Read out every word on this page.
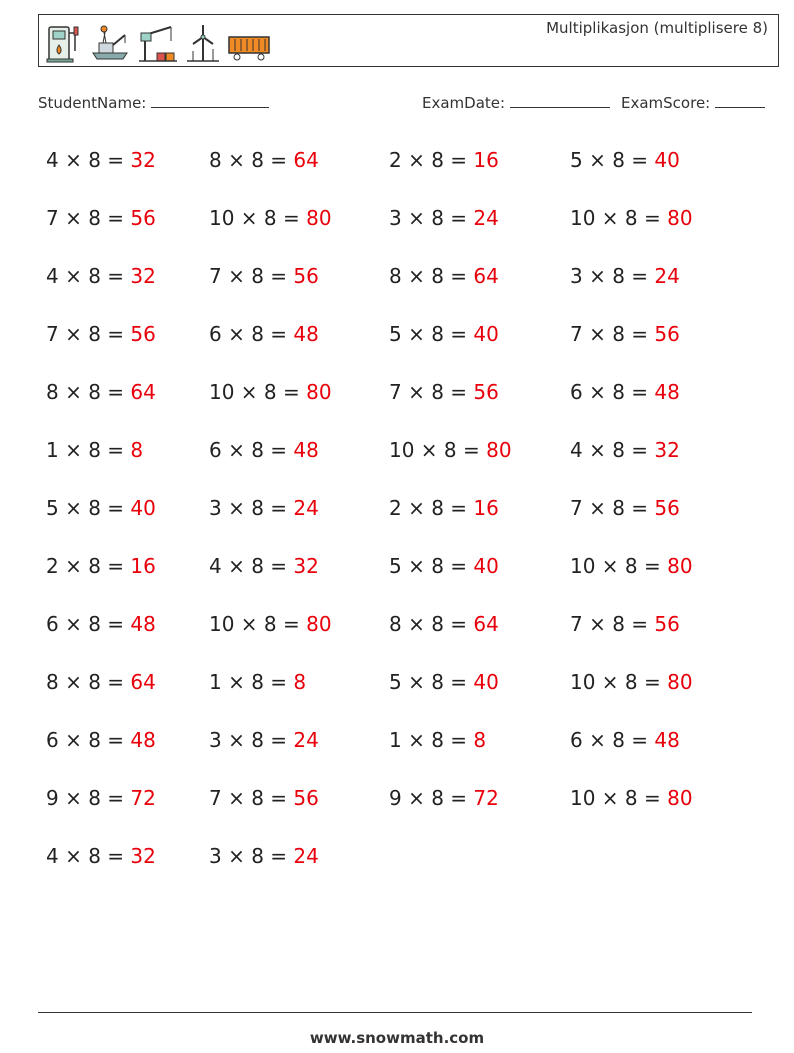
Multiplikasjon (multiplisere 8)
StudentName:	ExamDate:	ExamScore:
4 × 8 = 32	8 × 8 = 64	2 × 8 = 16	5 × 8 = 40
7 × 8 = 56	10 × 8 = 80	3 × 8 = 24	10 × 8 = 80
4 × 8 = 32	7 × 8 = 56	8 × 8 = 64	3 × 8 = 24
7 × 8 = 56	6 × 8 = 48	5 × 8 = 40	7 × 8 = 56
8 × 8 = 64	10 × 8 = 80	7 × 8 = 56	6 × 8 = 48
1 × 8 = 8	6 × 8 = 48	10 × 8 = 80	4 × 8 = 32
5 × 8 = 40	3 × 8 = 24	2 × 8 = 16	7 × 8 = 56
2 × 8 = 16	4 × 8 = 32	5 × 8 = 40	10 × 8 = 80
6 × 8 = 48	10 × 8 = 80	8 × 8 = 64	7 × 8 = 56
8 × 8 = 64	1 × 8 = 8	5 × 8 = 40	10 × 8 = 80
6 × 8 = 48	3 × 8 = 24	1 × 8 = 8	6 × 8 = 48
9 × 8 = 72	7 × 8 = 56	9 × 8 = 72	10 × 8 = 80
4 × 8 = 32	3 × 8 = 24
www.snowmath.com
